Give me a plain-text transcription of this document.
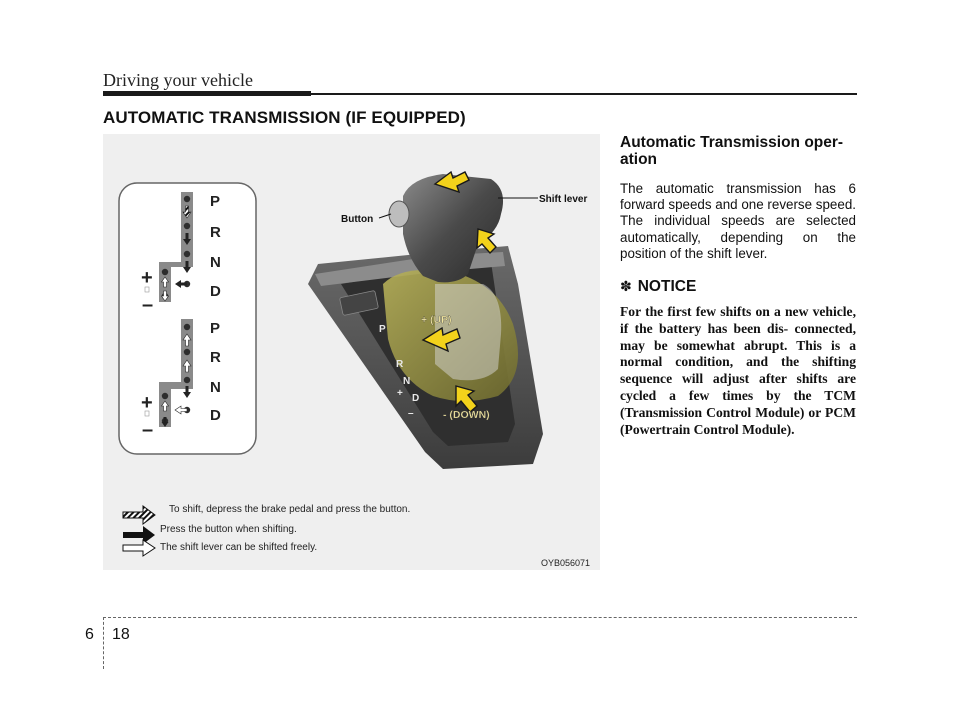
Driving your vehicle
AUTOMATIC TRANSMISSION (IF EQUIPPED)
P
R
N
D
P
R
N
D
+
–
+
–
P
R
N
D
+
–
Button
Shift lever
+ (UP)
- (DOWN)
To shift, depress the brake pedal and press the button.
Press the button when shifting.
The shift lever can be shifted freely.
OYB056071
Automatic Transmission oper- ation
The automatic transmission has 6 forward speeds and one reverse speed. The individual speeds are selected automatically, depending on the position of the shift lever.
✽ NOTICE
For the first few shifts on a new vehicle, if the battery has been dis- connected, may be somewhat abrupt. This is a normal condition, and the shifting sequence will adjust after shifts are cycled a few times by the TCM (Transmission Control Module) or PCM (Powertrain Control Module).
6 18
